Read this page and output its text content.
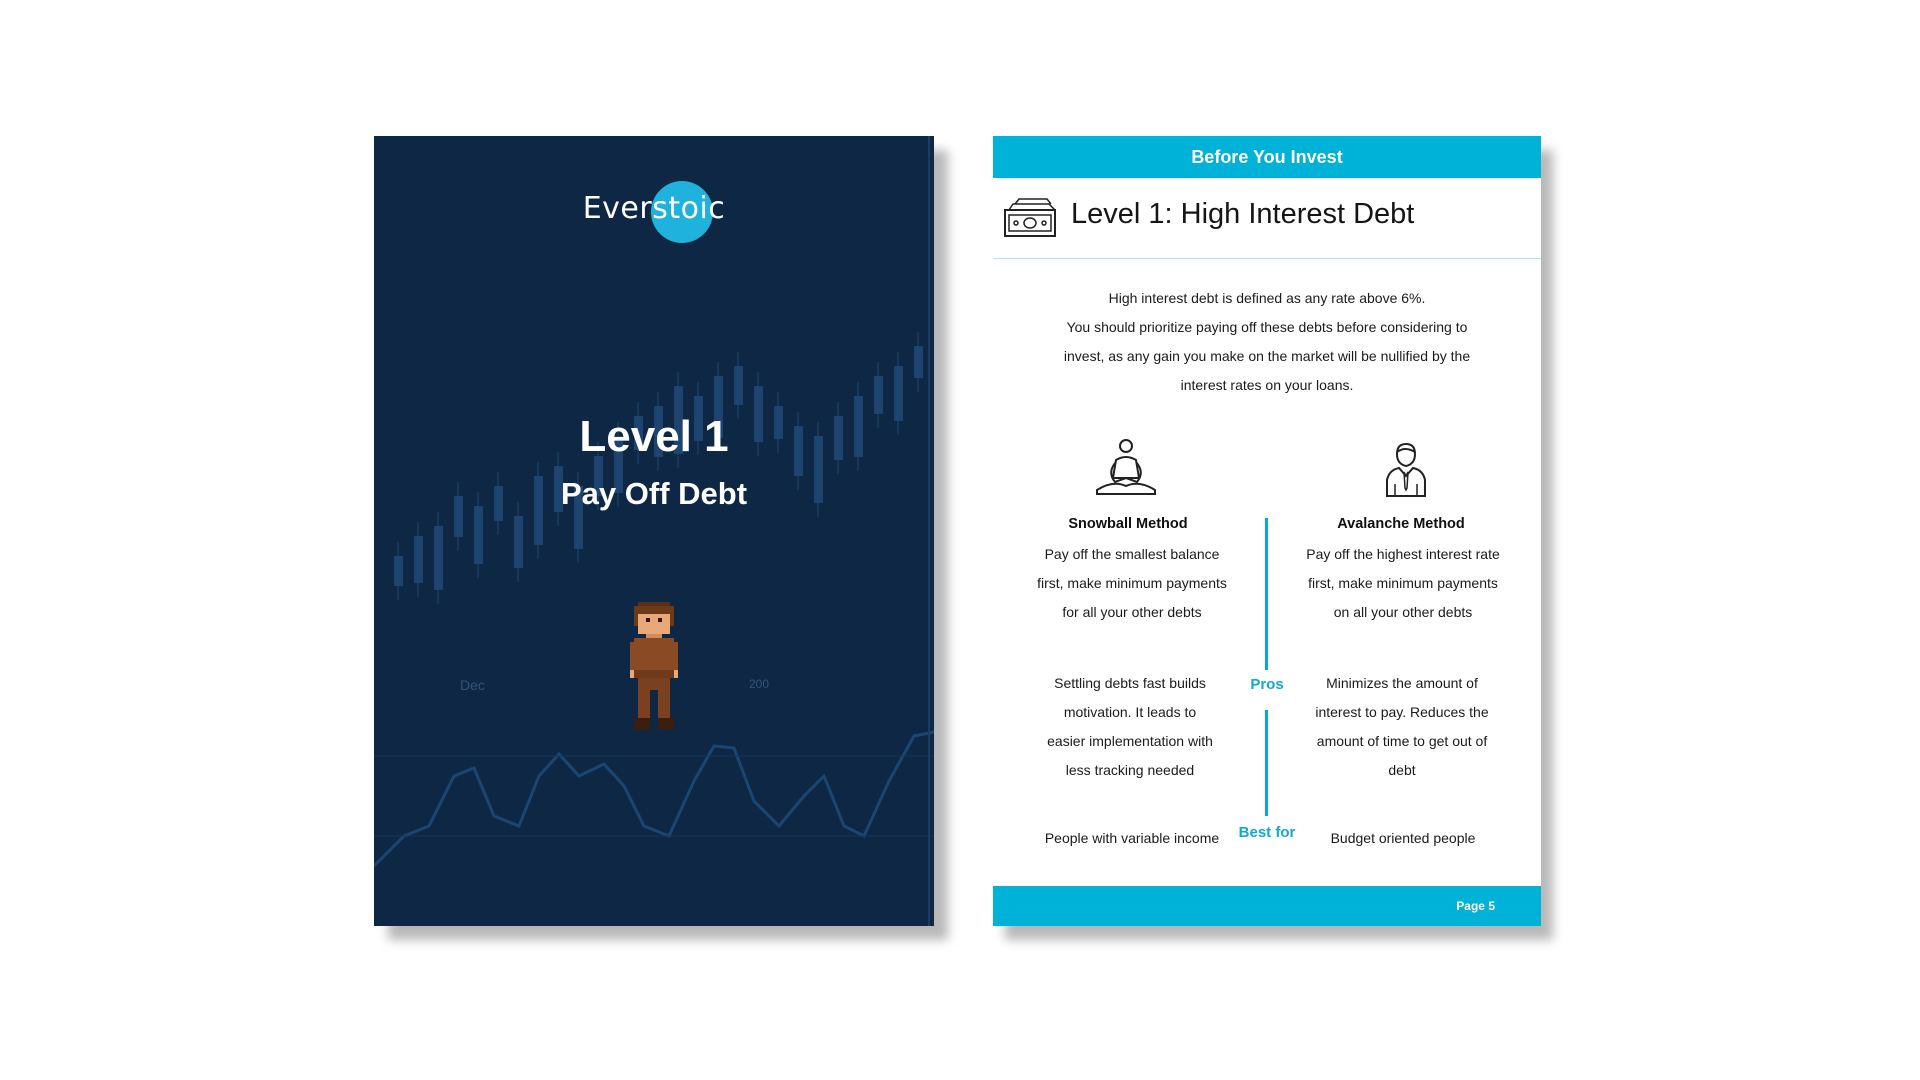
Dec	200
Everstoic
Level 1
Pay Off Debt
Before You Invest
Level 1: High Interest Debt
High interest debt is defined as any rate above 6%.
You should prioritize paying off these debts before considering to
invest, as any gain you make on the market will be nullified by the
interest rates on your loans.
Snowball Method
Pay off the smallest balance
first, make minimum payments
for all your other debts
Settling debts fast builds
motivation. It leads to
easier implementation with
less tracking needed
People with variable income
Avalanche Method
Pay off the highest interest rate
first, make minimum payments
on all your other debts
Minimizes the amount of
interest to pay. Reduces the
amount of time to get out of
debt
Budget oriented people
Pros
Best for
Page 5
